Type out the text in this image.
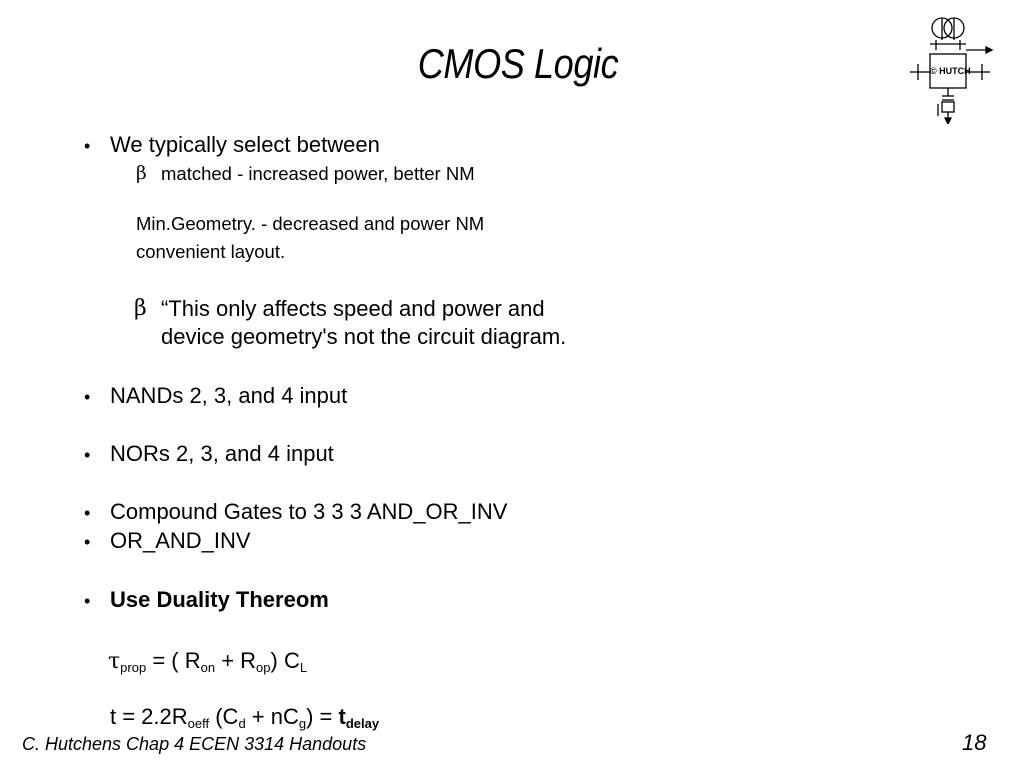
CMOS Logic	© HUTCH
• We typically select between
β matched - increased power, better NM
Min.Geometry. - decreased and power NM
convenient layout.
β “This only affects speed and power and
device geometry's not the circuit diagram.
• NANDs 2, 3, and 4 input
• NORs 2, 3, and 4 input
• Compound Gates to 3 3 3 AND_OR_INV
• OR_AND_INV
• Use Duality Thereom
$\tau_{prop}$ = ( $R_{on} + R_{op}$) $C_L$
$t = 2.2R_{oeff}$ $(C_d + nC_g) = t_{delay}$
C. Hutchens Chap 4 ECEN 3314 Handouts	18
